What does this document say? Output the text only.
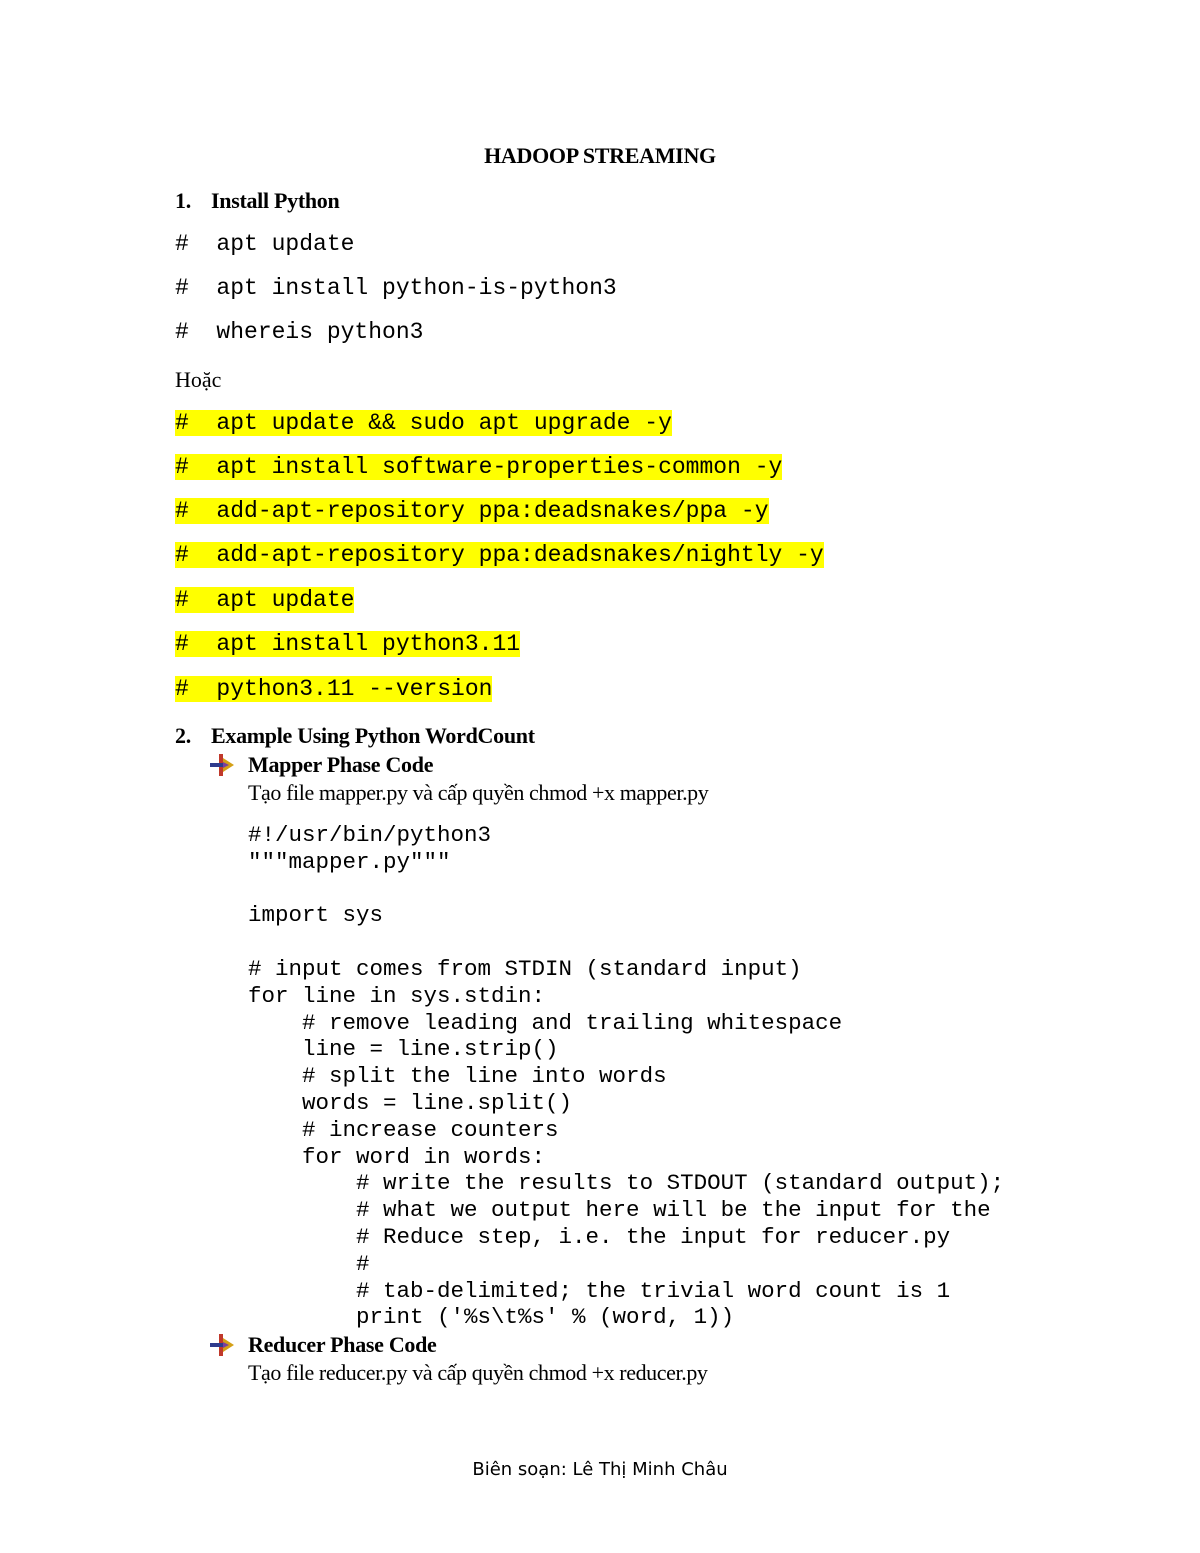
HADOOP STREAMING
1. Install Python
#  apt update
#  apt install python-is-python3
#  whereis python3
Hoặc
#  apt update && sudo apt upgrade -y
#  apt install software-properties-common -y
#  add-apt-repository ppa:deadsnakes/ppa -y
#  add-apt-repository ppa:deadsnakes/nightly -y
#  apt update
#  apt install python3.11
#  python3.11 --version
2. Example Using Python WordCount
Mapper Phase Code
Tạo file mapper.py và cấp quyền chmod +x mapper.py
#!/usr/bin/python3
"""mapper.py"""

import sys

# input comes from STDIN (standard input)
for line in sys.stdin:
# remove leading and trailing whitespace
line = line.strip()
# split the line into words
words = line.split()
# increase counters
for word in words:
# write the results to STDOUT (standard output);
# what we output here will be the input for the
# Reduce step, i.e. the input for reducer.py
#
# tab-delimited; the trivial word count is 1
print ('%s\t%s' % (word, 1))
Reducer Phase Code
Tạo file reducer.py và cấp quyền chmod +x reducer.py
Biên soạn: Lê Thị Minh Châu
